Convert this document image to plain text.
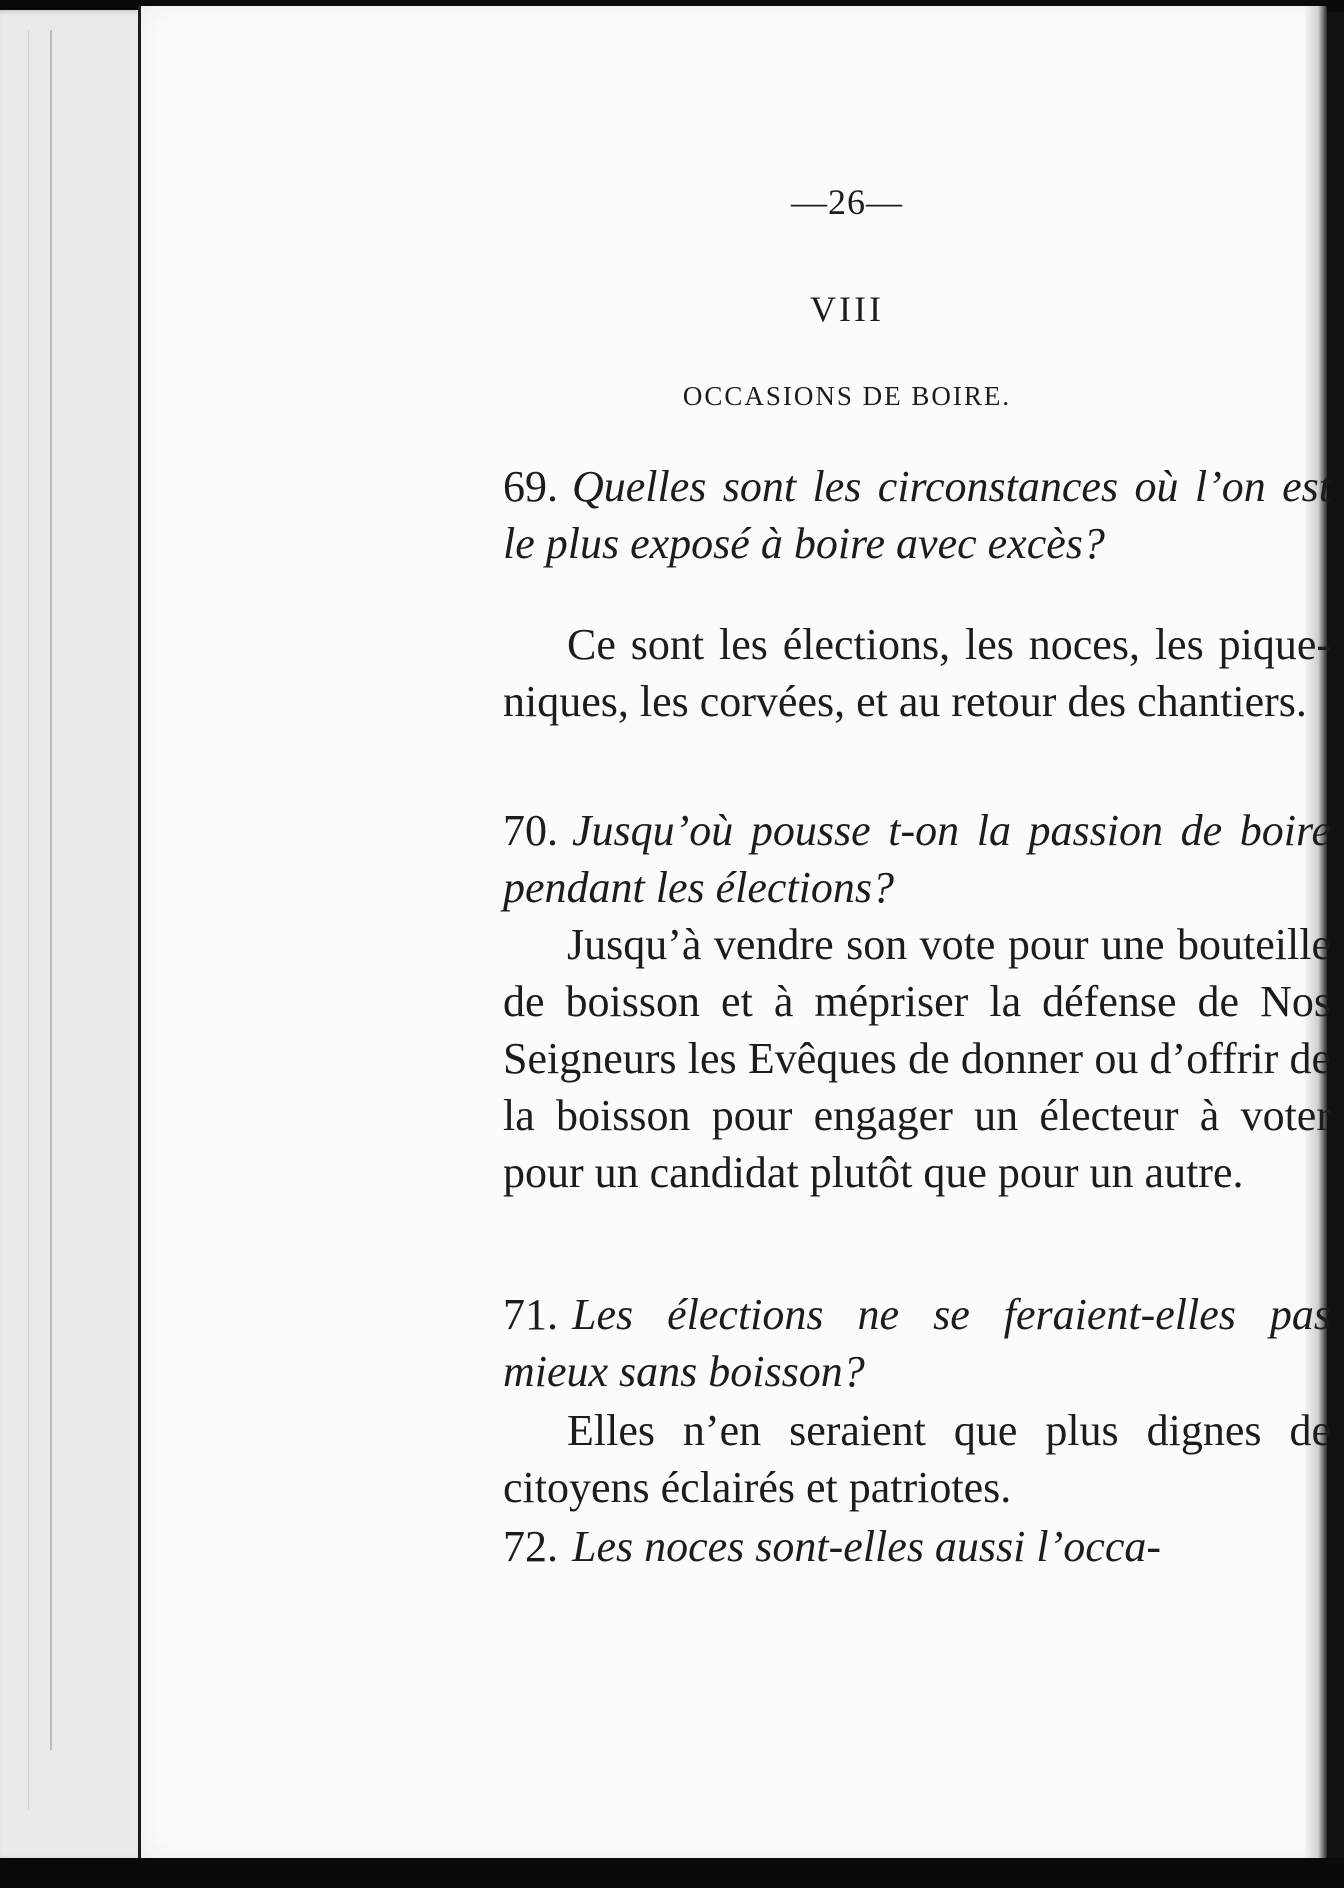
—26—
VIII
OCCASIONS DE BOIRE.
69. Quelles sont les circonstances où l’on est le plus exposé à boire avec excès?
Ce sont les élections, les noces, les pique-niques, les corvées, et au retour des chantiers.
70. Jusqu’où pousse t-on la passion de boire pendant les élections?
Jusqu’à vendre son vote pour une bouteille de boisson et à mépriser la défense de Nos Seigneurs les Evêques de donner ou d’offrir de la boisson pour engager un électeur à voter pour un candidat plutôt que pour un autre.
71. Les élections ne se feraient-elles pas mieux sans boisson?
Elles n’en seraient que plus dignes de citoyens éclairés et patriotes.
72. Les noces sont-elles aussi l’occa-
